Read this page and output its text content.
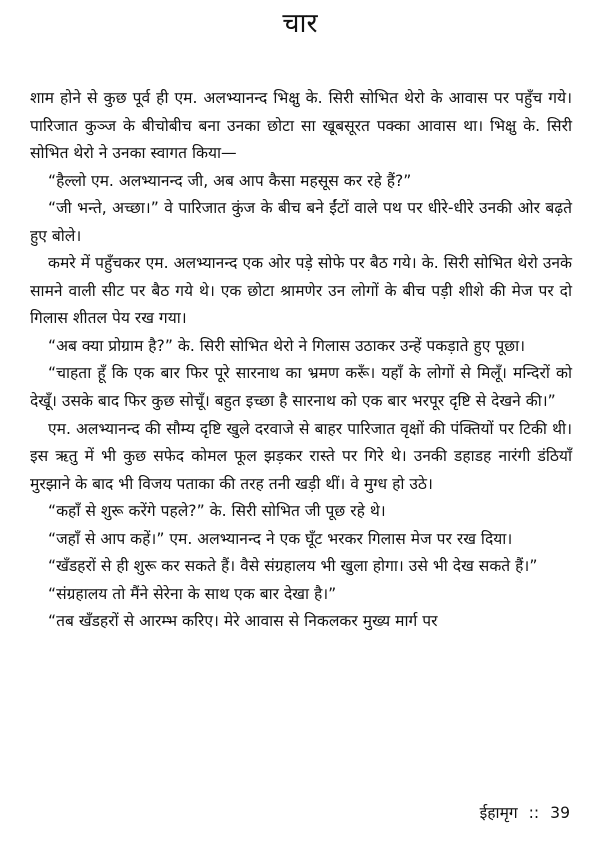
चार

शाम होने से कुछ पूर्व ही एम. अलभ्यानन्द भिक्षु के. सिरी सोभित थेरो के आवास पर पहुँच गये। पारिजात कुञ्ज के बीचोबीच बना उनका छोटा सा खूबसूरत पक्का आवास था। भिक्षु के. सिरी सोभित थेरो ने उनका स्वागत किया—

“हैल्लो एम. अलभ्यानन्द जी, अब आप कैसा महसूस कर रहे हैं?”

“जी भन्ते, अच्छा।” वे पारिजात कुंज के बीच बने ईंटों वाले पथ पर धीरे-धीरे उनकी ओर बढ़ते हुए बोले।

कमरे में पहुँचकर एम. अलभ्यानन्द एक ओर पड़े सोफे पर बैठ गये। के. सिरी सोभित थेरो उनके सामने वाली सीट पर बैठ गये थे। एक छोटा श्रामणेर उन लोगों के बीच पड़ी शीशे की मेज पर दो गिलास शीतल पेय रख गया।

“अब क्या प्रोग्राम है?” के. सिरी सोभित थेरो ने गिलास उठाकर उन्हें पकड़ाते हुए पूछा।

“चाहता हूँ कि एक बार फिर पूरे सारनाथ का भ्रमण करूँ। यहाँ के लोगों से मिलूँ। मन्दिरों को देखूँ। उसके बाद फिर कुछ सोचूँ। बहुत इच्छा है सारनाथ को एक बार भरपूर दृष्टि से देखने की।”

एम. अलभ्यानन्द की सौम्य दृष्टि खुले दरवाजे से बाहर पारिजात वृक्षों की पंक्तियों पर टिकी थी। इस ऋतु में भी कुछ सफेद कोमल फूल झड़कर रास्ते पर गिरे थे। उनकी डहाडह नारंगी डंठियाँ मुरझाने के बाद भी विजय पताका की तरह तनी खड़ी थीं। वे मुग्ध हो उठे।

“कहाँ से शुरू करेंगे पहले?” के. सिरी सोभित जी पूछ रहे थे।

“जहाँ से आप कहें।” एम. अलभ्यानन्द ने एक घूँट भरकर गिलास मेज पर रख दिया।

“खँडहरों से ही शुरू कर सकते हैं। वैसे संग्रहालय भी खुला होगा। उसे भी देख सकते हैं।”

“संग्रहालय तो मैंने सेरेना के साथ एक बार देखा है।”

“तब खँडहरों से आरम्भ करिए। मेरे आवास से निकलकर मुख्य मार्ग पर

ईहामृग :: 39
